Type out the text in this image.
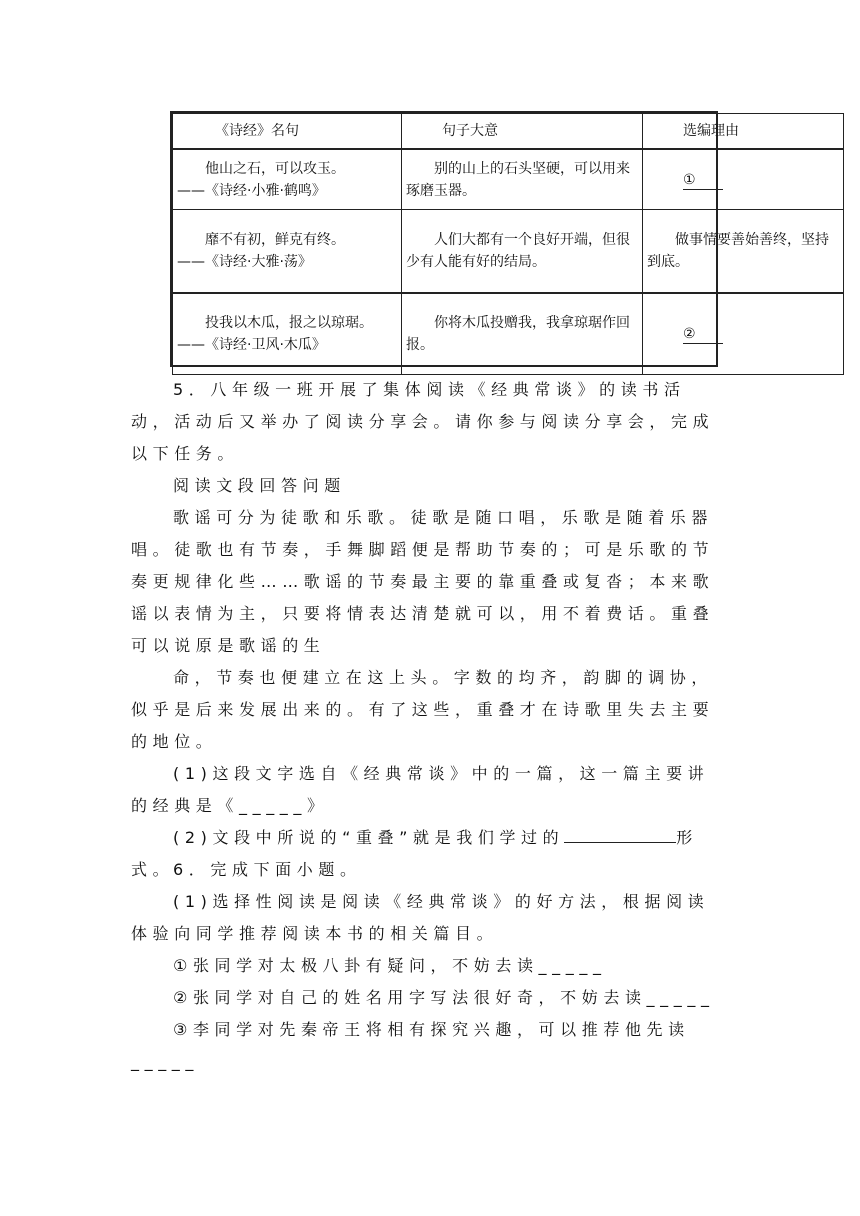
《诗经》名句	句子大意	选编理由

他山之石，可以攻玉。
——《诗经·小雅·鹤鸣》	别的山上的石头坚硬，可以用来琢磨玉器。	①

靡不有初，鲜克有终。
——《诗经·大雅·荡》	人们大都有一个良好开端，但很少有人能有好的结局。	做事情要善始善终，坚持到底。
投我以木瓜，报之以琼琚。——《诗经·卫风·木瓜》	你将木瓜投赠我，我拿琼琚作回报。	②

5．八年级一班开展了集体阅读《经典常谈》的读书活动，活动后又举办了阅读分享会。请你参与阅读分享会，完成以下任务。

阅读文段回答问题

歌谣可分为徒歌和乐歌。徒歌是随口唱，乐歌是随着乐器唱。徒歌也有节奏，手舞脚蹈便是帮助节奏的；可是乐歌的节奏更规律化些……歌谣的节奏最主要的靠重叠或复沓；本来歌谣以表情为主，只要将情表达清楚就可以，用不着费话。重叠可以说原是歌谣的生

命，节奏也便建立在这上头。字数的均齐，韵脚的调协，似乎是后来发展出来的。有了这些，重叠才在诗歌里失去主要的地位。

(1)这段文字选自《经典常谈》中的一篇，这一篇主要讲的经典是《_____》

(2)文段中所说的“重叠”就是我们学过的	形式。

6．完成下面小题。

(1)选择性阅读是阅读《经典常谈》的好方法，根据阅读体验向同学推荐阅读本书的相关篇目。

①张同学对太极八卦有疑问，不妨去读_____

②张同学对自己的姓名用字写法很好奇，不妨去读_____

③李同学对先秦帝王将相有探究兴趣，可以推荐他先读

_____
